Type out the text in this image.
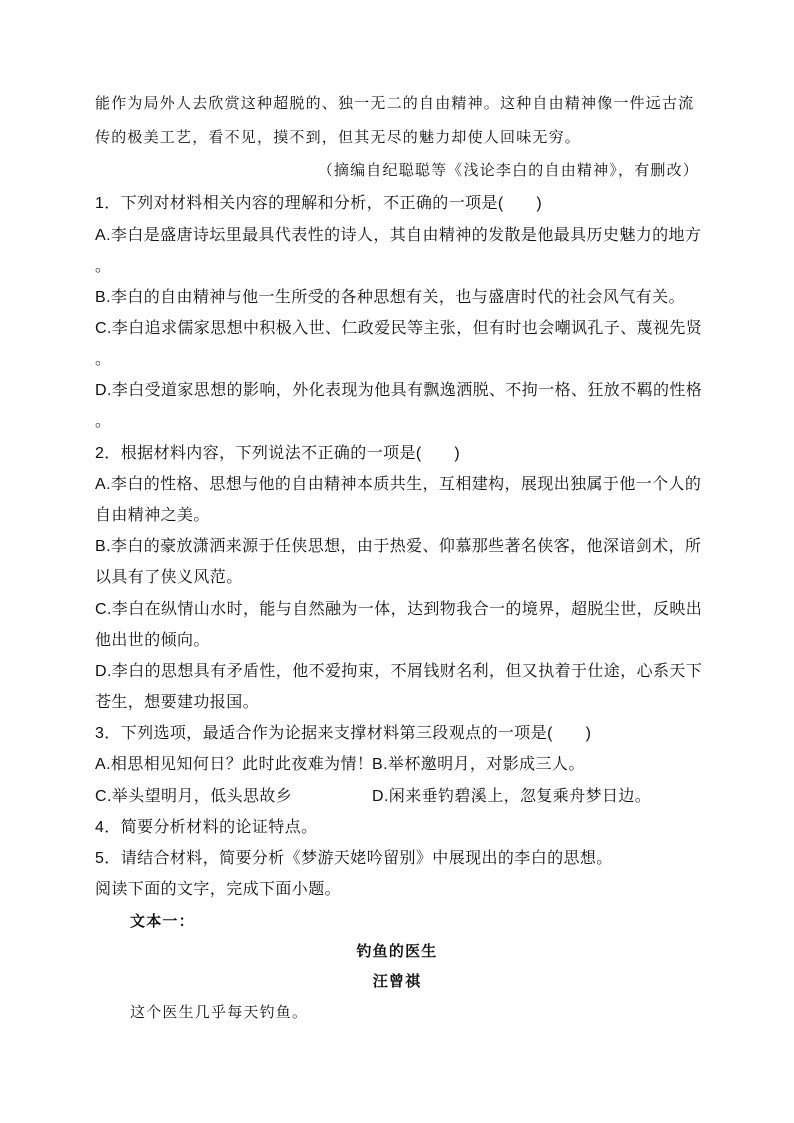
能作为局外人去欣赏这种超脱的、独一无二的自由精神。这种自由精神像一件远古流
传的极美工艺，看不见，摸不到，但其无尽的魅力却使人回味无穷。
（摘编自纪聪聪等《浅论李白的自由精神》，有删改）
1．下列对材料相关内容的理解和分析，不正确的一项是(　　)
A.李白是盛唐诗坛里最具代表性的诗人，其自由精神的发散是他最具历史魅力的地方
。
B.李白的自由精神与他一生所受的各种思想有关，也与盛唐时代的社会风气有关。
C.李白追求儒家思想中积极入世、仁政爱民等主张，但有时也会嘲讽孔子、蔑视先贤
。
D.李白受道家思想的影响，外化表现为他具有飘逸洒脱、不拘一格、狂放不羁的性格
。
2．根据材料内容，下列说法不正确的一项是(　　)
A.李白的性格、思想与他的自由精神本质共生，互相建构，展现出独属于他一个人的
自由精神之美。
B.李白的豪放潇洒来源于任侠思想，由于热爱、仰慕那些著名侠客，他深谙剑术，所
以具有了侠义风范。
C.李白在纵情山水时，能与自然融为一体，达到物我合一的境界，超脱尘世，反映出
他出世的倾向。
D.李白的思想具有矛盾性，他不爱拘束，不屑钱财名利，但又执着于仕途，心系天下
苍生，想要建功报国。
3．下列选项，最适合作为论据来支撑材料第三段观点的一项是(　　)
A.相思相见知何日？此时此夜难为情！
B.举杯邀明月，对影成三人。
C.举头望明月，低头思故乡	D.闲来垂钓碧溪上，忽复乘舟梦日边。
4．简要分析材料的论证特点。
5．请结合材料，简要分析《梦游天姥吟留别》中展现出的李白的思想。
阅读下面的文字，完成下面小题。
文本一：
钓鱼的医生
汪曾祺
这个医生几乎每天钓鱼。
